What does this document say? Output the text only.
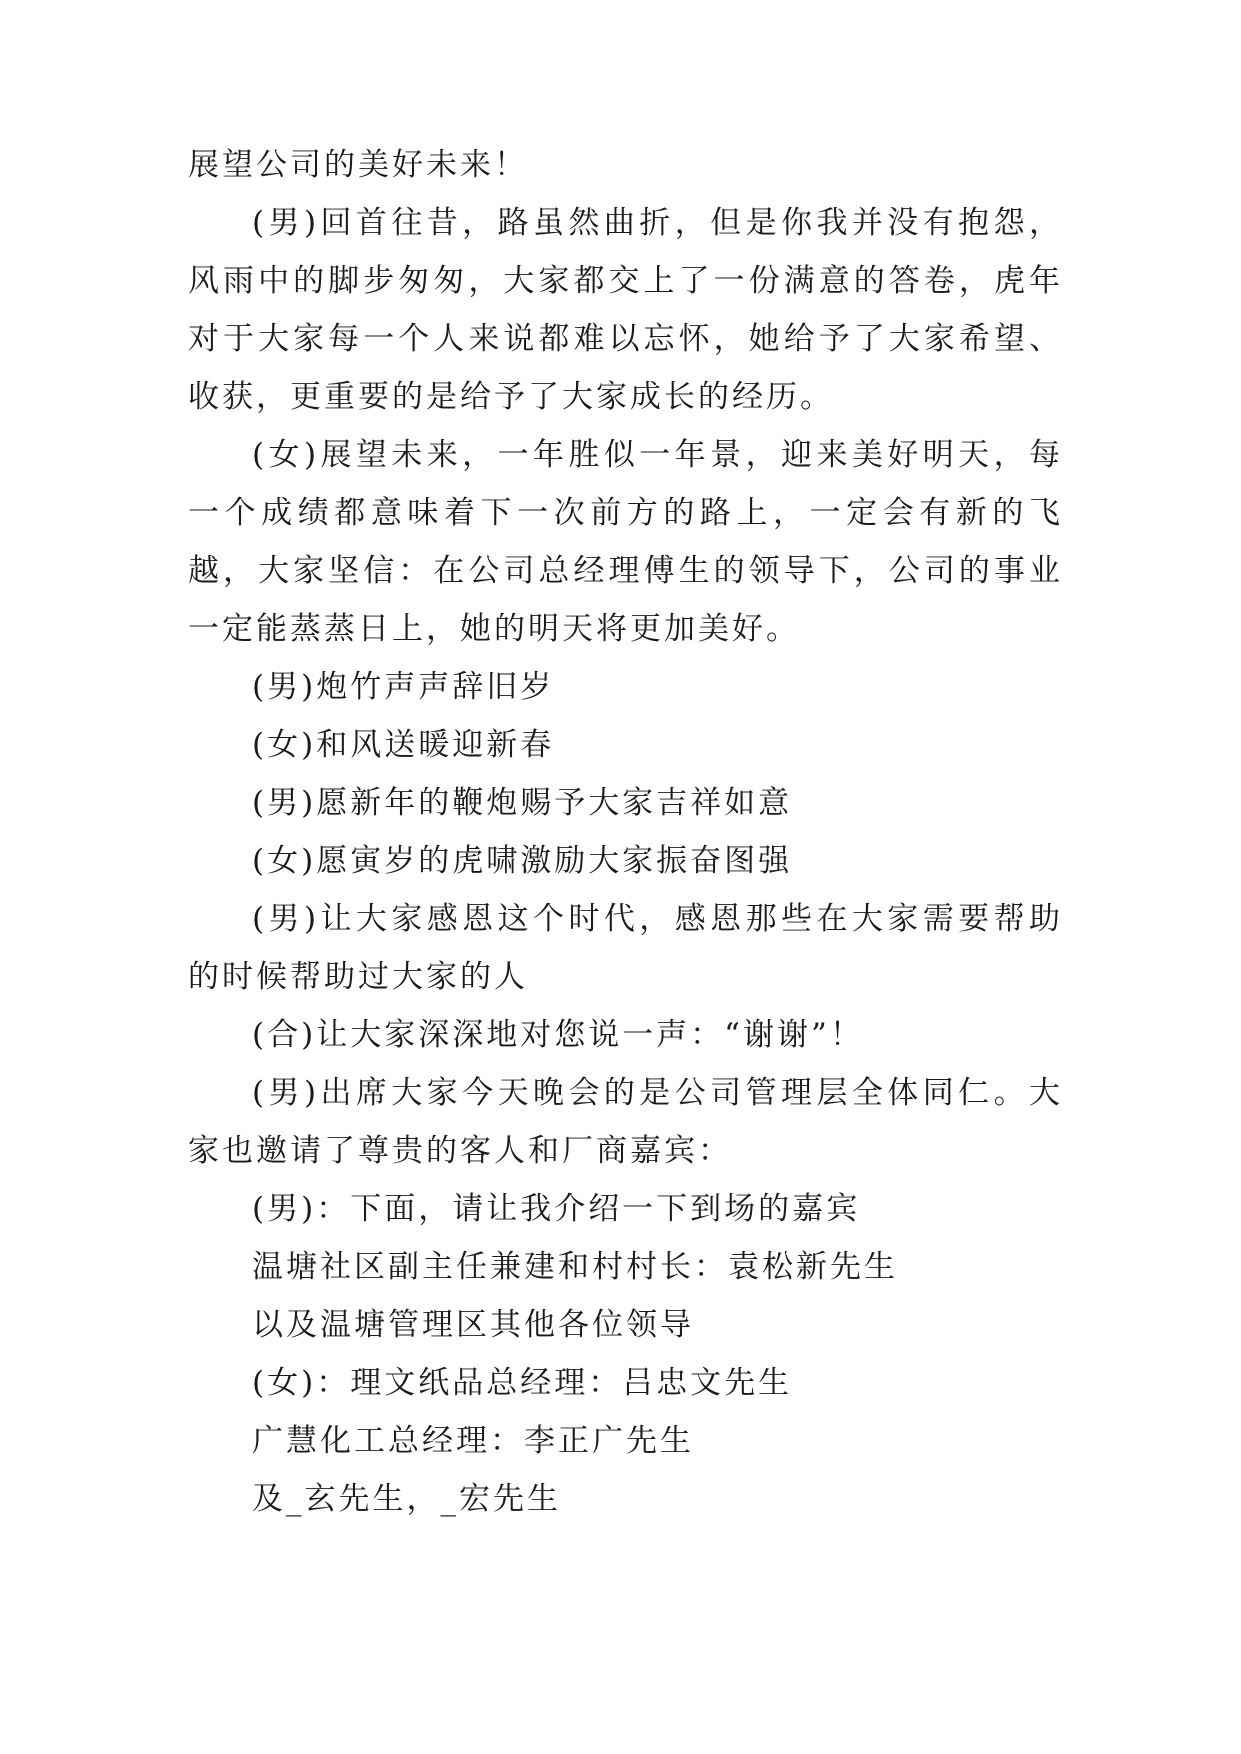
展望公司的美好未来！

(男)回首往昔，路虽然曲折，但是你我并没有抱怨，风雨中的脚步匆匆，大家都交上了一份满意的答卷，虎年对于大家每一个人来说都难以忘怀，她给予了大家希望、收获，更重要的是给予了大家成长的经历。

(女)展望未来，一年胜似一年景，迎来美好明天，每一个成绩都意味着下一次前方的路上，一定会有新的飞越，大家坚信：在公司总经理傅生的领导下，公司的事业一定能蒸蒸日上，她的明天将更加美好。

(男)炮竹声声辞旧岁

(女)和风送暖迎新春

(男)愿新年的鞭炮赐予大家吉祥如意

(女)愿寅岁的虎啸激励大家振奋图强

(男)让大家感恩这个时代，感恩那些在大家需要帮助的时候帮助过大家的人

(合)让大家深深地对您说一声：“谢谢”！

(男)出席大家今天晚会的是公司管理层全体同仁。大家也邀请了尊贵的客人和厂商嘉宾：

(男)：下面，请让我介绍一下到场的嘉宾

温塘社区副主任兼建和村村长：袁松新先生

以及温塘管理区其他各位领导

(女)：理文纸品总经理：吕忠文先生

广慧化工总经理：李正广先生

及_玄先生，_宏先生
